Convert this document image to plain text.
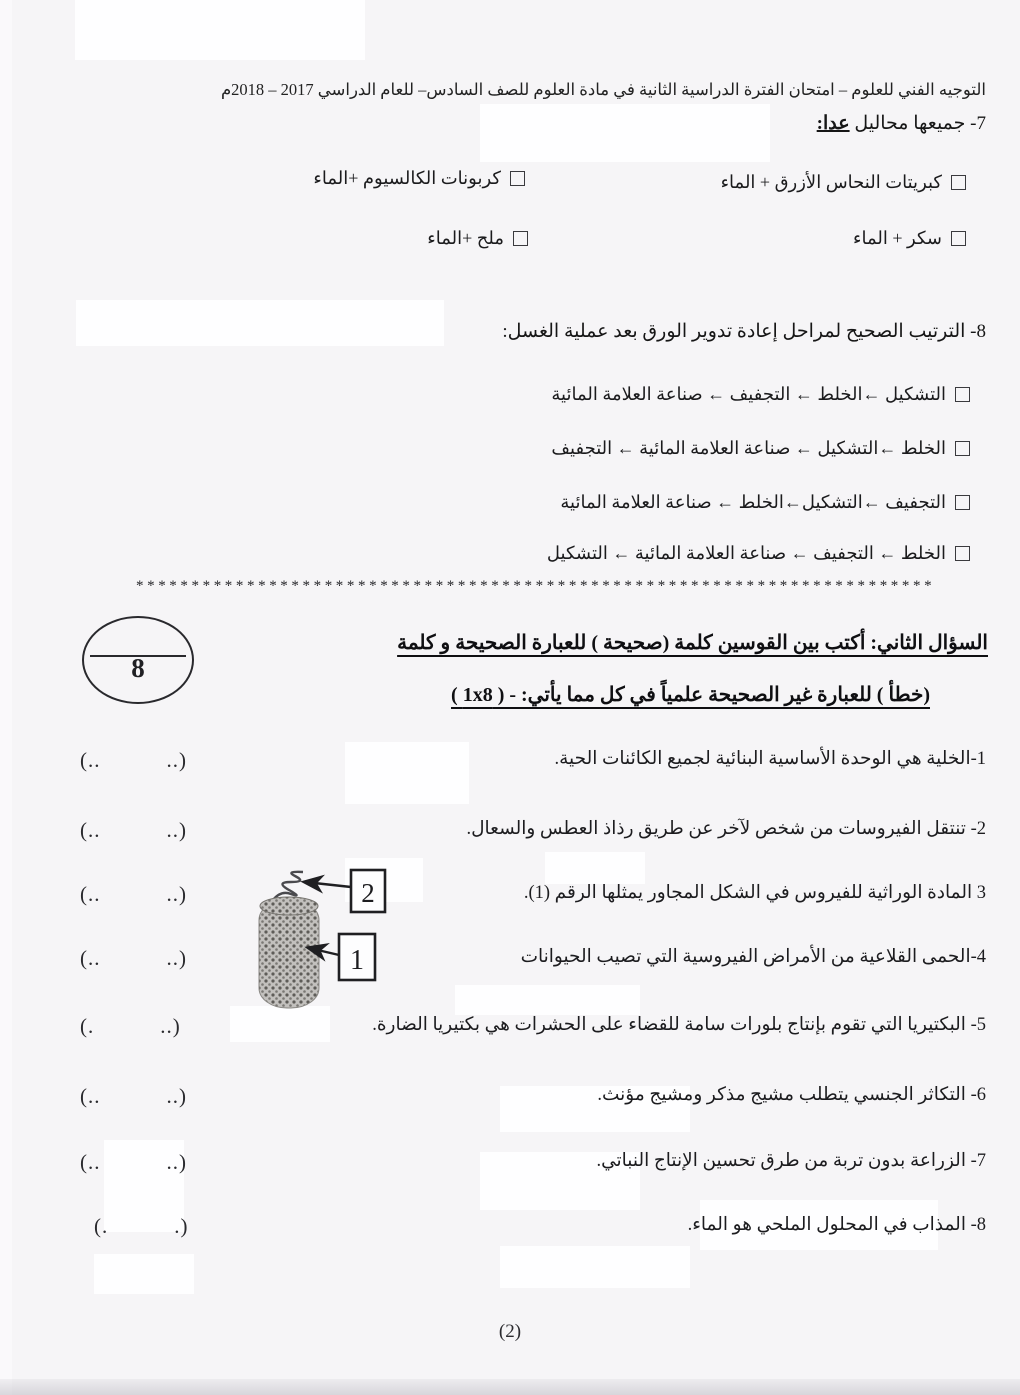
التوجيه الفني للعلوم – امتحان الفترة الدراسية الثانية في مادة العلوم للصف السادس– للعام الدراسي 2017 – 2018م
7- جميعها محاليل عدا:
كبريتات النحاس الأزرق + الماء
كربونات الكالسيوم +الماء
سكر + الماء
ملح +الماء
8- الترتيب الصحيح لمراحل إعادة تدوير الورق بعد عملية الغسل:
التشكيل ←الخلط ← التجفيف ← صناعة العلامة المائية
الخلط ←التشكيل ← صناعة العلامة المائية ← التجفيف
التجفيف ←التشكيل←الخلط ← صناعة العلامة المائية
الخلط ← التجفيف ← صناعة العلامة المائية ← التشكيل
************************************************************************
8
السؤال الثاني: أكتب بين القوسين كلمة (صحيحة ) للعبارة الصحيحة و كلمة
(خطأ ) للعبارة غير الصحيحة علمياً في كل مما يأتي: - ( 1x8 )
1-الخلية هي الوحدة الأساسية البنائية لجميع الكائنات الحية.
(..	..)
2- تنتقل الفيروسات من شخص لآخر عن طريق رذاذ العطس والسعال.
(..	..)
3 المادة الوراثية للفيروس في الشكل المجاور يمثلها الرقم (1).
(..	..)
4-الحمى القلاعية من الأمراض الفيروسية التي تصيب الحيوانات
(..	..)
5- البكتيريا التي تقوم بإنتاج بلورات سامة للقضاء على الحشرات هي بكتيريا الضارة.
(.	..)
6- التكاثر الجنسي يتطلب مشيج مذكر ومشيج مؤنث.
(..	..)
7- الزراعة بدون تربة من طرق تحسين الإنتاج النباتي.
(..	..)
8- المذاب في المحلول الملحي هو الماء.
(.	.)
2
1
(2)
